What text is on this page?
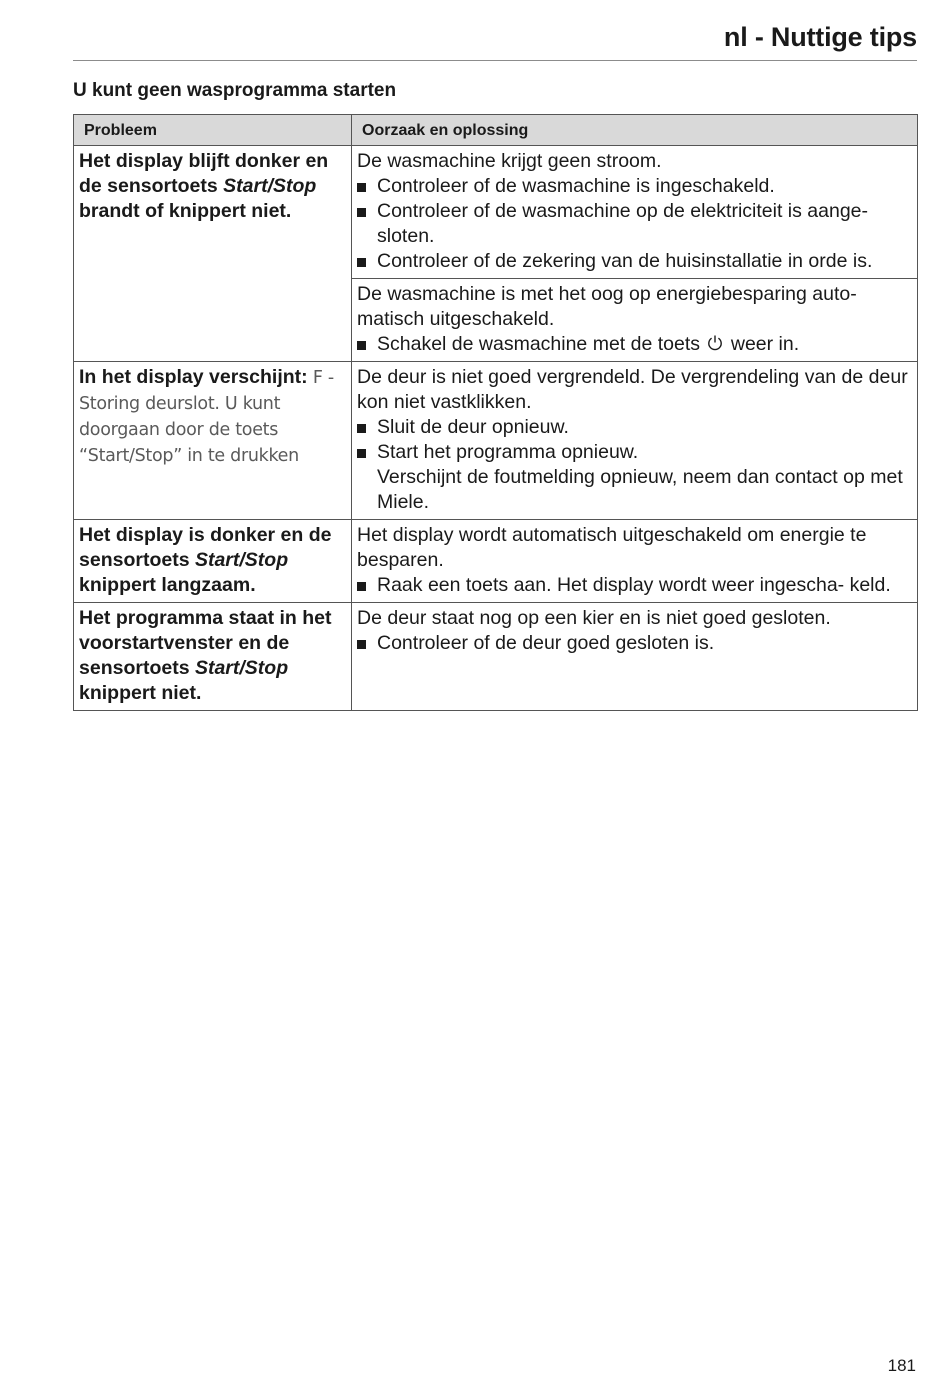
nl - Nuttige tips
U kunt geen wasprogramma starten
Probleem	Oorzaak en oplossing
Het display blijft donker en de sensortoets Start/Stop brandt of knippert niet.	De wasmachine krijgt geen stroom.
Controleer of de wasmachine is ingeschakeld.
Controleer of de wasmachine op de elektriciteit is aange- sloten.
Controleer of de zekering van de huisinstallatie in orde is.

	De wasmachine is met het oog op energiebesparing auto- matisch uitgeschakeld.
Schakel de wasmachine met de toets  weer in.

In het display verschijnt: F -Storing deurslot. U kunt doorgaan door de toets “Start/Stop” in te drukken	De deur is niet goed vergrendeld. De vergrendeling van de deur kon niet vastklikken.
Sluit de deur opnieuw.
Start het programma opnieuw.
Verschijnt de foutmelding opnieuw, neem dan contact op met Miele.

Het display is donker en de sensortoets Start/Stop knippert langzaam.	Het display wordt automatisch uitgeschakeld om energie te besparen.
Raak een toets aan. Het display wordt weer ingescha- keld.

Het programma staat in het voorstartvenster en de sensortoets Start/Stop knippert niet.	De deur staat nog op een kier en is niet goed gesloten.
Controleer of de deur goed gesloten is.
181
